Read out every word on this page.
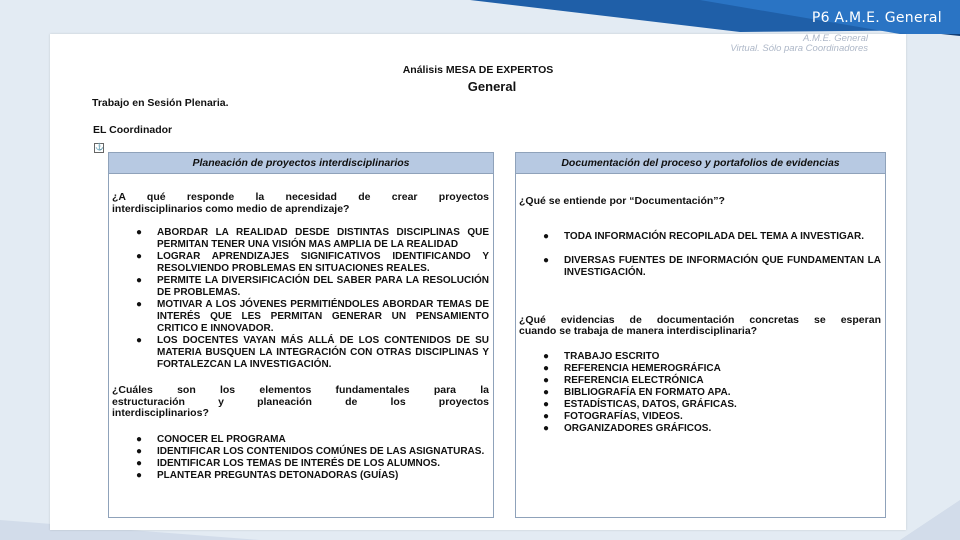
P6 A.M.E. General
A.M.E. General
Virtual. Sólo para Coordinadores
Análisis MESA DE EXPERTOS
General
Trabajo en Sesión Plenaria.
EL Coordinador
⚓
Planeación de proyectos interdisciplinarios
¿A qué responde la necesidad de crear proyectos
interdisciplinarios como medio de aprendizaje?
● ABORDAR LA REALIDAD DESDE DISTINTAS DISCIPLINAS QUE PERMITAN TENER UNA VISIÓN MAS AMPLIA DE LA REALIDAD
● LOGRAR APRENDIZAJES SIGNIFICATIVOS IDENTIFICANDO Y RESOLVIENDO PROBLEMAS EN SITUACIONES REALES.
● PERMITE LA DIVERSIFICACIÓN DEL SABER PARA LA RESOLUCIÓN DE PROBLEMAS.
● MOTIVAR A LOS JÓVENES PERMITIÉNDOLES ABORDAR TEMAS DE INTERÉS QUE LES PERMITAN GENERAR UN PENSAMIENTO CRITICO E INNOVADOR.
● LOS DOCENTES VAYAN MÁS ALLÁ DE LOS CONTENIDOS DE SU MATERIA BUSQUEN LA INTEGRACIÓN CON OTRAS DISCIPLINAS Y FORTALEZCAN LA INVESTIGACIÓN.
¿Cuáles son los elementos fundamentales para la
estructuración y planeación de los proyectos
interdisciplinarios?
● CONOCER EL PROGRAMA
● IDENTIFICAR LOS CONTENIDOS COMÚNES DE LAS ASIGNATURAS.
● IDENTIFICAR LOS TEMAS DE INTERÉS DE LOS ALUMNOS.
● PLANTEAR PREGUNTAS DETONADORAS (GUÍAS)
Documentación del proceso y portafolios de evidencias
¿Qué se entiende por “Documentación”?
● TODA INFORMACIÓN RECOPILADA DEL TEMA A INVESTIGAR.
● DIVERSAS FUENTES DE INFORMACIÓN QUE FUNDAMENTAN LA INVESTIGACIÓN.
¿Qué evidencias de documentación concretas se esperan
cuando se trabaja de manera interdisciplinaria?
● TRABAJO ESCRITO
● REFERENCIA HEMEROGRÁFICA
● REFERENCIA ELECTRÓNICA
● BIBLIOGRAFÍA EN FORMATO APA.
● ESTADÍSTICAS, DATOS, GRÁFICAS.
● FOTOGRAFÍAS, VIDEOS.
● ORGANIZADORES GRÁFICOS.
